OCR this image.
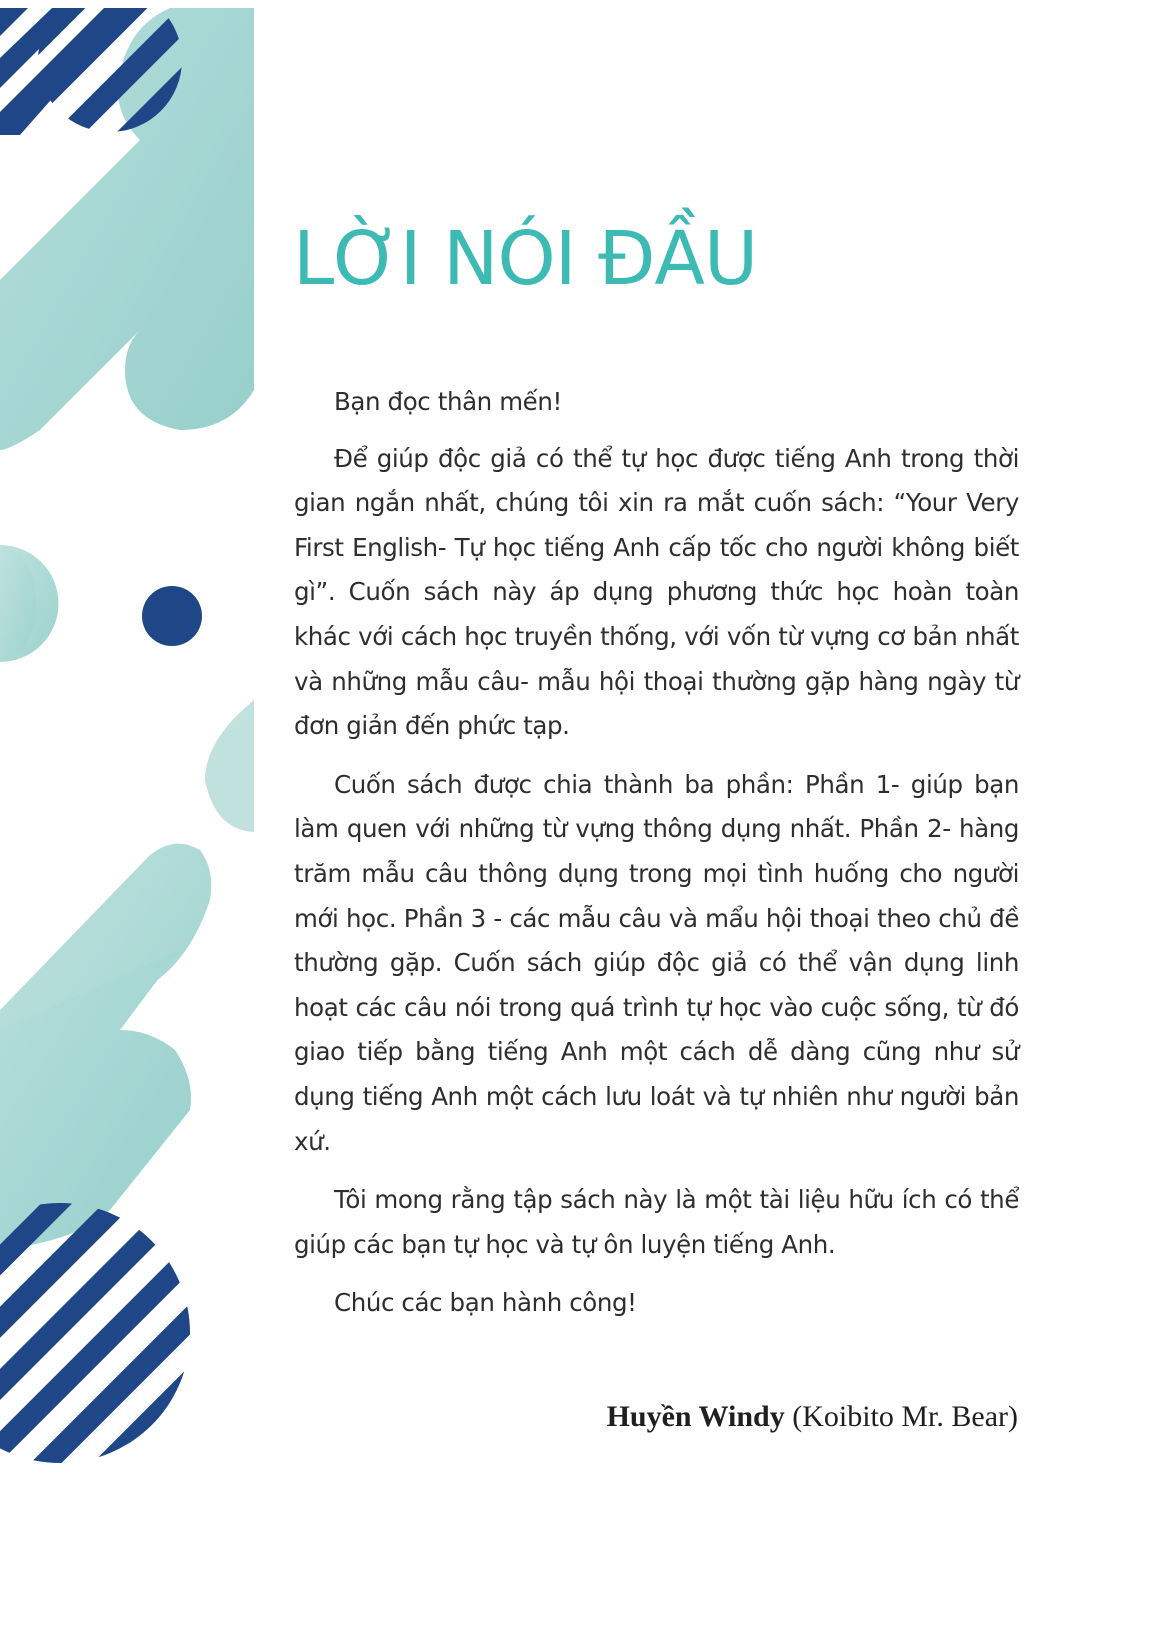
LỜI NÓI ĐẦU

Bạn đọc thân mến!

Để giúp độc giả có thể tự học được tiếng Anh trong thời gian ngắn nhất, chúng tôi xin ra mắt cuốn sách: “Your Very First English- Tự học tiếng Anh cấp tốc cho người không biết gì”. Cuốn sách này áp dụng phương thức học hoàn toàn khác với cách học truyền thống, với vốn từ vựng cơ bản nhất và những mẫu câu- mẫu hội thoại thường gặp hàng ngày từ đơn giản đến phức tạp.

Cuốn sách được chia thành ba phần: Phần 1- giúp bạn làm quen với những từ vựng thông dụng nhất. Phần 2- hàng trăm mẫu câu thông dụng trong mọi tình huống cho người mới học. Phần 3 - các mẫu câu và mẩu hội thoại theo chủ đề thường gặp. Cuốn sách giúp độc giả có thể vận dụng linh hoạt các câu nói trong quá trình tự học vào cuộc sống, từ đó giao tiếp bằng tiếng Anh một cách dễ dàng cũng như sử dụng tiếng Anh một cách lưu loát và tự nhiên như người bản xứ.

Tôi mong rằng tập sách này là một tài liệu hữu ích có thể giúp các bạn tự học và tự ôn luyện tiếng Anh.

Chúc các bạn hành công!

Huyền Windy (Koibito Mr. Bear)
